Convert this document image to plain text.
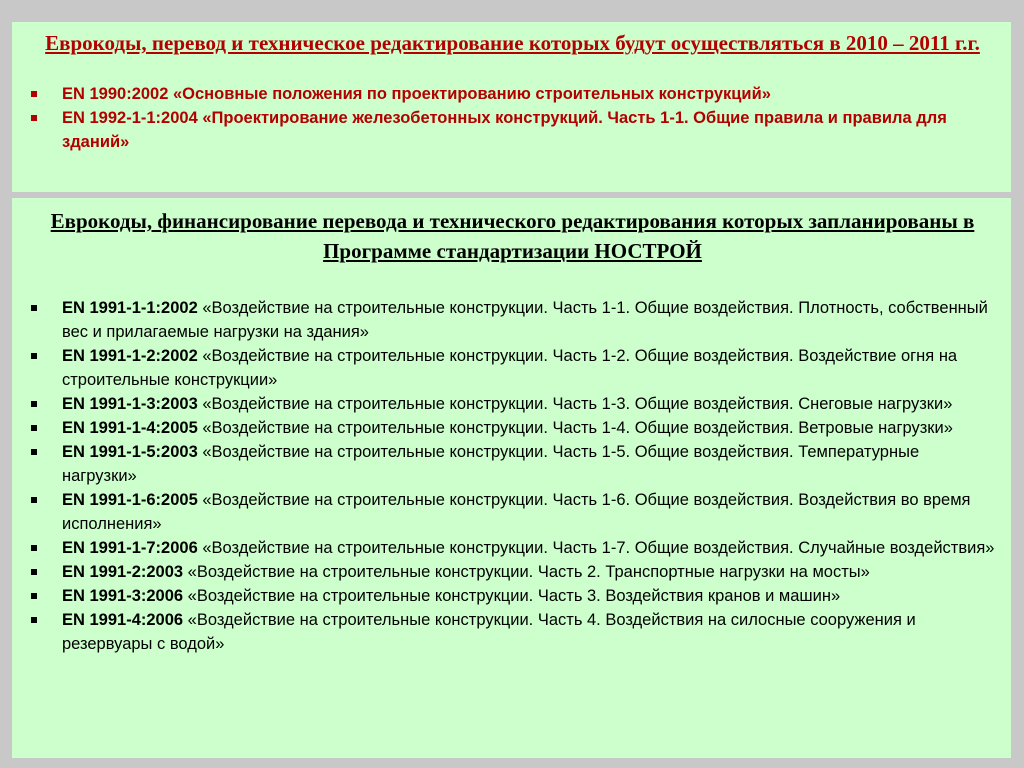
Еврокоды, перевод и техническое редактирование которых будут осуществляться в 2010 – 2011 г.г.
EN 1990:2002 «Основные положения по проектированию строительных конструкций»
EN 1992-1-1:2004 «Проектирование железобетонных конструкций. Часть 1-1. Общие правила и правила для зданий»
Еврокоды, финансирование перевода и технического редактирования которых запланированы в Программе стандартизации НОСТРОЙ
EN 1991-1-1:2002 «Воздействие на строительные конструкции. Часть 1-1. Общие воздействия. Плотность, собственный вес и прилагаемые нагрузки на здания»
EN 1991-1-2:2002 «Воздействие на строительные конструкции. Часть 1-2. Общие воздействия. Воздействие огня на строительные конструкции»
EN 1991-1-3:2003 «Воздействие на строительные конструкции. Часть 1-3. Общие воздействия. Снеговые нагрузки»
EN 1991-1-4:2005 «Воздействие на строительные конструкции. Часть 1-4. Общие воздействия. Ветровые нагрузки»
EN 1991-1-5:2003 «Воздействие на строительные конструкции. Часть 1-5. Общие воздействия. Температурные нагрузки»
EN 1991-1-6:2005 «Воздействие на строительные конструкции. Часть 1-6. Общие воздействия. Воздействия во время исполнения»
EN 1991-1-7:2006 «Воздействие на строительные конструкции. Часть 1-7. Общие воздействия. Случайные воздействия»
EN 1991-2:2003 «Воздействие на строительные конструкции. Часть 2. Транспортные нагрузки на мосты»
EN 1991-3:2006 «Воздействие на строительные конструкции. Часть 3. Воздействия кранов и машин»
EN 1991-4:2006 «Воздействие на строительные конструкции. Часть 4. Воздействия на силосные сооружения и резервуары с водой»
